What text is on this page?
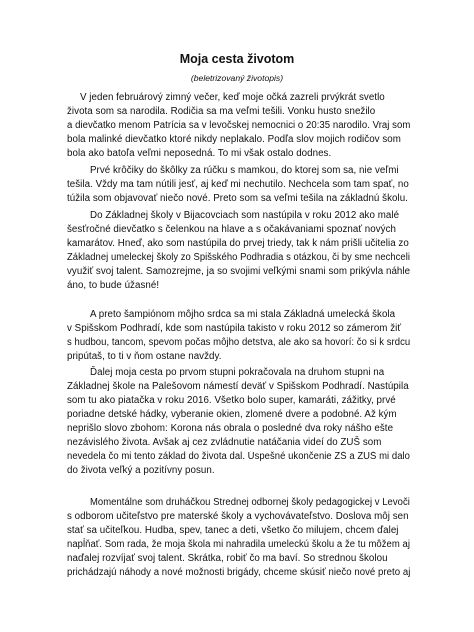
Moja cesta životom

(beletrizovaný životopis)

V jeden februárový zimný večer, keď moje očká zazreli prvýkrát svetlo
života som sa narodila. Rodičia sa ma veľmi tešili. Vonku husto snežilo
a dievčatko menom Patrícia sa v levočskej nemocnici o 20:35 narodilo. Vraj som
bola malinké dievčatko ktoré nikdy neplakalo. Podľa slov mojich rodičov som
bola ako batoľa veľmi neposedná. To mi však ostalo dodnes.
Prvé krôčiky do škôlky za rúčku s mamkou, do ktorej som sa, nie veľmi
tešila. Vždy ma tam nútili jesť, aj keď mi nechutilo. Nechcela som tam spať, no
túžila som objavovať niečo nové. Preto som sa veľmi tešila na základnú školu.
Do Základnej školy v Bijacovciach som nastúpila v roku 2012 ako malé
šesťročné dievčatko s čelenkou na hlave a s očakávaniami spoznať nových
kamarátov. Hneď, ako som nastúpila do prvej triedy, tak k nám prišli učitelia zo
Základnej umeleckej školy zo Spišského Podhradia s otázkou, či by sme nechceli
využiť svoj talent. Samozrejme, ja so svojimi veľkými snami som prikývla náhle
áno, to bude úžasné!
A preto šampiónom môjho srdca sa mi stala Základná umelecká škola
v Spišskom Podhradí, kde som nastúpila takisto v roku 2012 so zámerom žiť
s hudbou, tancom, spevom počas môjho detstva, ale ako sa hovorí: čo si k srdcu
pripútaš, to ti v ňom ostane navždy.
Ďalej moja cesta po prvom stupni pokračovala na druhom stupni na
Základnej škole na Palešovom námestí deväť v Spišskom Podhradí. Nastúpila
som tu ako piatačka v roku 2016. Všetko bolo super, kamaráti, zážitky, prvé
poriadne detské hádky, vyberanie okien, zlomené dvere a podobné. Až kým
neprišlo slovo zbohom: Korona nás obrala o posledné dva roky nášho ešte
nezávislého života. Avšak aj cez zvládnutie natáčania videí do ZUŠ som
nevedela čo mi tento základ do života dal. Úspešné ukončenie ZŠ a ZUŠ mi dalo
do života veľký a pozitívny posun.
Momentálne som druháčkou Strednej odbornej školy pedagogickej v Levoči
s odborom učiteľstvo pre materské školy a vychovávateľstvo. Doslova môj sen
stať sa učiteľkou. Hudba, spev, tanec a deti, všetko čo milujem, chcem ďalej
napĺňať. Som rada, že moja škola mi nahradila umeleckú školu a že tu môžem aj
naďalej rozvíjať svoj talent. Skrátka, robiť čo ma baví. So strednou školou
prichádzajú náhody a nové možnosti brigády, chceme skúsiť niečo nové preto aj
